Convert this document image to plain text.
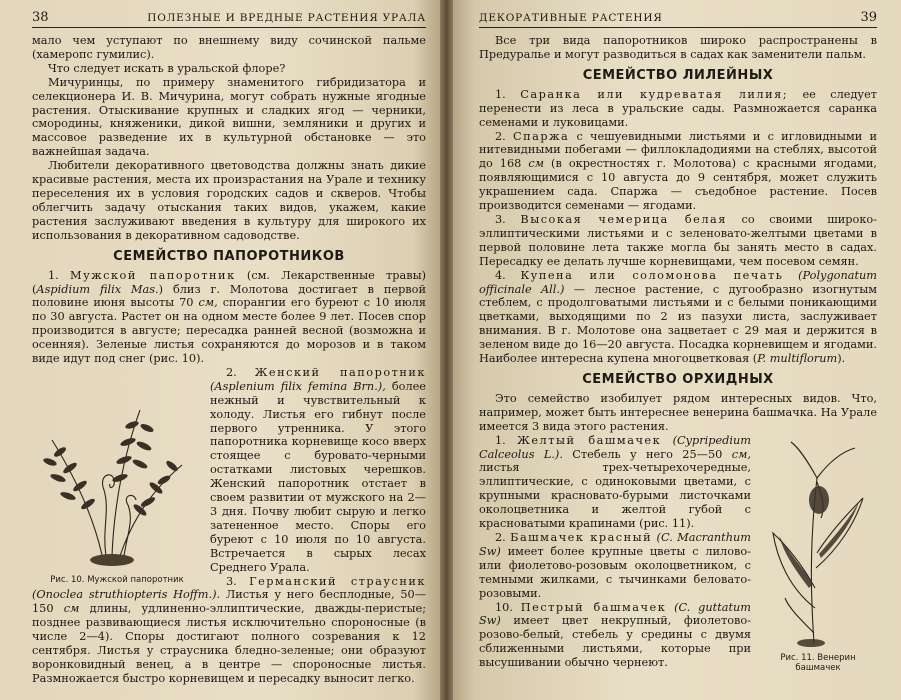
38	ПОЛЕЗНЫЕ И ВРЕДНЫЕ РАСТЕНИЯ УРАЛА

мало чем уступают по внешнему виду сочинской пальме (хамеропс гумилис).

Что следует искать в уральской флоре?

Мичуринцы, по примеру знаменитого гибридизатора и селекционера И. В. Мичурина, могут собрать нужные ягодные растения. Отыскивание крупных и сладких ягод — черники, смородины, княженики, дикой вишни, земляники и других и массовое разведение их в культурной обстановке — это важнейшая задача.

Любители декоративного цветоводства должны знать дикие красивые растения, места их произрастания на Урале и технику переселения их в условия городских садов и скверов. Чтобы облегчить задачу отыскания таких видов, укажем, какие растения заслуживают введения в культуру для широкого их использования в декоративном садоводстве.

СЕМЕЙСТВО ПАПОРОТНИКОВ

1. Мужской папоротник (см. Лекарственные травы) (Aspidium filix Mas.) близ г. Молотова достигает в первой половине июня высоты 70 см, спорангии его буреют с 10 июля по 30 августа. Растет он на одном месте более 9 лет. Посев спор производится в августе; пересадка ранней весной (возможна и осенняя). Зеленые листья сохраняются до морозов и в таком виде идут под снег (рис. 10).

Рис. 10. Мужской папоротник

2. Женский папоротник (Asplenium filix femina Brn.), более нежный и чувствительный к холоду. Листья его гибнут после первого утренника. У этого папоротника корневище косо вверх стоящее с буровато-черными остатками листовых черешков. Женский папоротник отстает в своем развитии от мужского на 2—3 дня. Почву любит сырую и легко затененное место. Споры его буреют с 10 июля по 10 августа. Встречается в сырых лесах Среднего Урала.

3. Германский страусник (Onoclea struthiopteris Hoffm.). Листья у него бесплодные, 50—150 см длины, удлиненно-эллиптические, дважды-перистые; позднее развивающиеся листья исключительно спороносные (в числе 2—4). Споры достигают полного созревания к 12 сентября. Листья у страусника бледно-зеленые; они образуют воронковидный венец, а в центре — спороносные листья. Размножается быстро корневищем и пересадку выносит легко.

ДЕКОРАТИВНЫЕ РАСТЕНИЯ	39

Все три вида папоротников широко распространены в Предуралье и могут разводиться в садах как заменители пальм.

СЕМЕЙСТВО ЛИЛЕЙНЫХ

1. Саранка или кудреватая лилия; ее следует перенести из леса в уральские сады. Размножается саранка семенами и луковицами.

2. Спаржа с чешуевидными листьями и с игловидными и нитевидными побегами — филлокладодиями на стеблях, высотой до 168 см (в окрестностях г. Молотова) с красными ягодами, появляющимися с 10 августа до 9 сентября, может служить украшением сада. Спаржа — съедобное растение. Посев производится семенами — ягодами.

3. Высокая чемерица белая со своими широко-эллиптическими листьями и с зеленовато-желтыми цветами в первой половине лета также могла бы занять место в садах. Пересадку ее делать лучше корневищами, чем посевом семян.

4. Купена или соломонова печать (Polygonatum officinale All.) — лесное растение, с дугообразно изогнутым стеблем, с продолговатыми листьями и с белыми поникающими цветками, выходящими по 2 из пазухи листа, заслуживает внимания. В г. Молотове она зацветает с 29 мая и держится в зеленом виде до 16—20 августа. Посадка корневищем и ягодами. Наиболее интересна купена многоцветковая (P. multiflorum).

СЕМЕЙСТВО ОРХИДНЫХ

Это семейство изобилует рядом интересных видов. Что, например, может быть интереснее венерина башмачка. На Урале имеется 3 вида этого растения.

Рис. 11. Венерин башмачек

1. Желтый башмачек (Cypripedium Calceolus L.). Стебель у него 25—50 см, листья трех-четырехочередные, эллиптические, с одиноковыми цветами, с крупными красновато-бурыми листочками околоцветника и желтой губой с красноватыми крапинами (рис. 11).

2. Башмачек красный (C. Macranthum Sw) имеет более крупные цветы с лилово-или фиолетово-розовым околоцветником, с темными жилками, с тычинками беловато-розовыми.

10. Пестрый башмачек (C. guttatum Sw) имеет цвет некрупный, фиолетово-розово-белый, стебель у средины с двумя сближенными листьями, которые при высушивании обычно чернеют.
